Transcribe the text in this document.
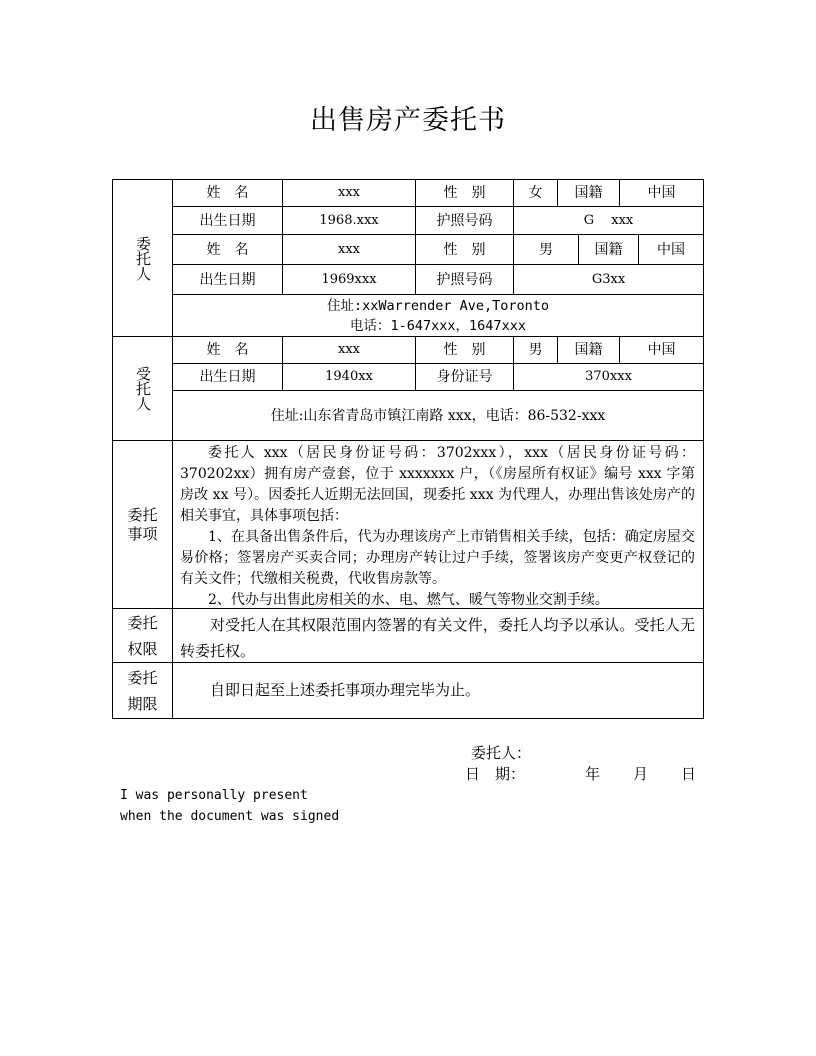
出售房产委托书
委托人
姓　名	xxx	性　别	女	国籍	中国
出生日期	1968.xxx	护照号码	G　 xxx
姓　名	xxx	性　别	男	国籍	中国
出生日期	1969xxx	护照号码	G3xx
住址:xxWarrender Ave,Toronto
电话：1-647xxx，1647xxx
受托人
姓　名	xxx	性　别	男	国籍	中国
出生日期	1940xx	身份证号	370xxx
住址:山东省青岛市镇江南路 xxx，电话：86-532-xxx
委托
事项

委托人 xxx（居民身份证号码：3702xxx），xxx（居民身份证号码：370202xx）拥有房产壹套，位于 xxxxxxx 户，（《房屋所有权证》编号 xxx 字第房改 xx 号）。因委托人近期无法回国，现委托 xxx 为代理人，办理出售该处房产的相关事宜，具体事项包括：

1、在具备出售条件后，代为办理该房产上市销售相关手续，包括：确定房屋交易价格；签署房产买卖合同；办理房产转让过户手续，签署该房产变更产权登记的有关文件；代缴相关税费，代收售房款等。

2、代办与出售此房相关的水、电、燃气、暖气等物业交割手续。

委托
权限

对受托人在其权限范围内签署的有关文件，委托人均予以承认。受托人无转委托权。

委托
期限

自即日起至上述委托事项办理完毕为止。

委托人：
日　期：	年 月 日
I was personally present
when the document was signed
